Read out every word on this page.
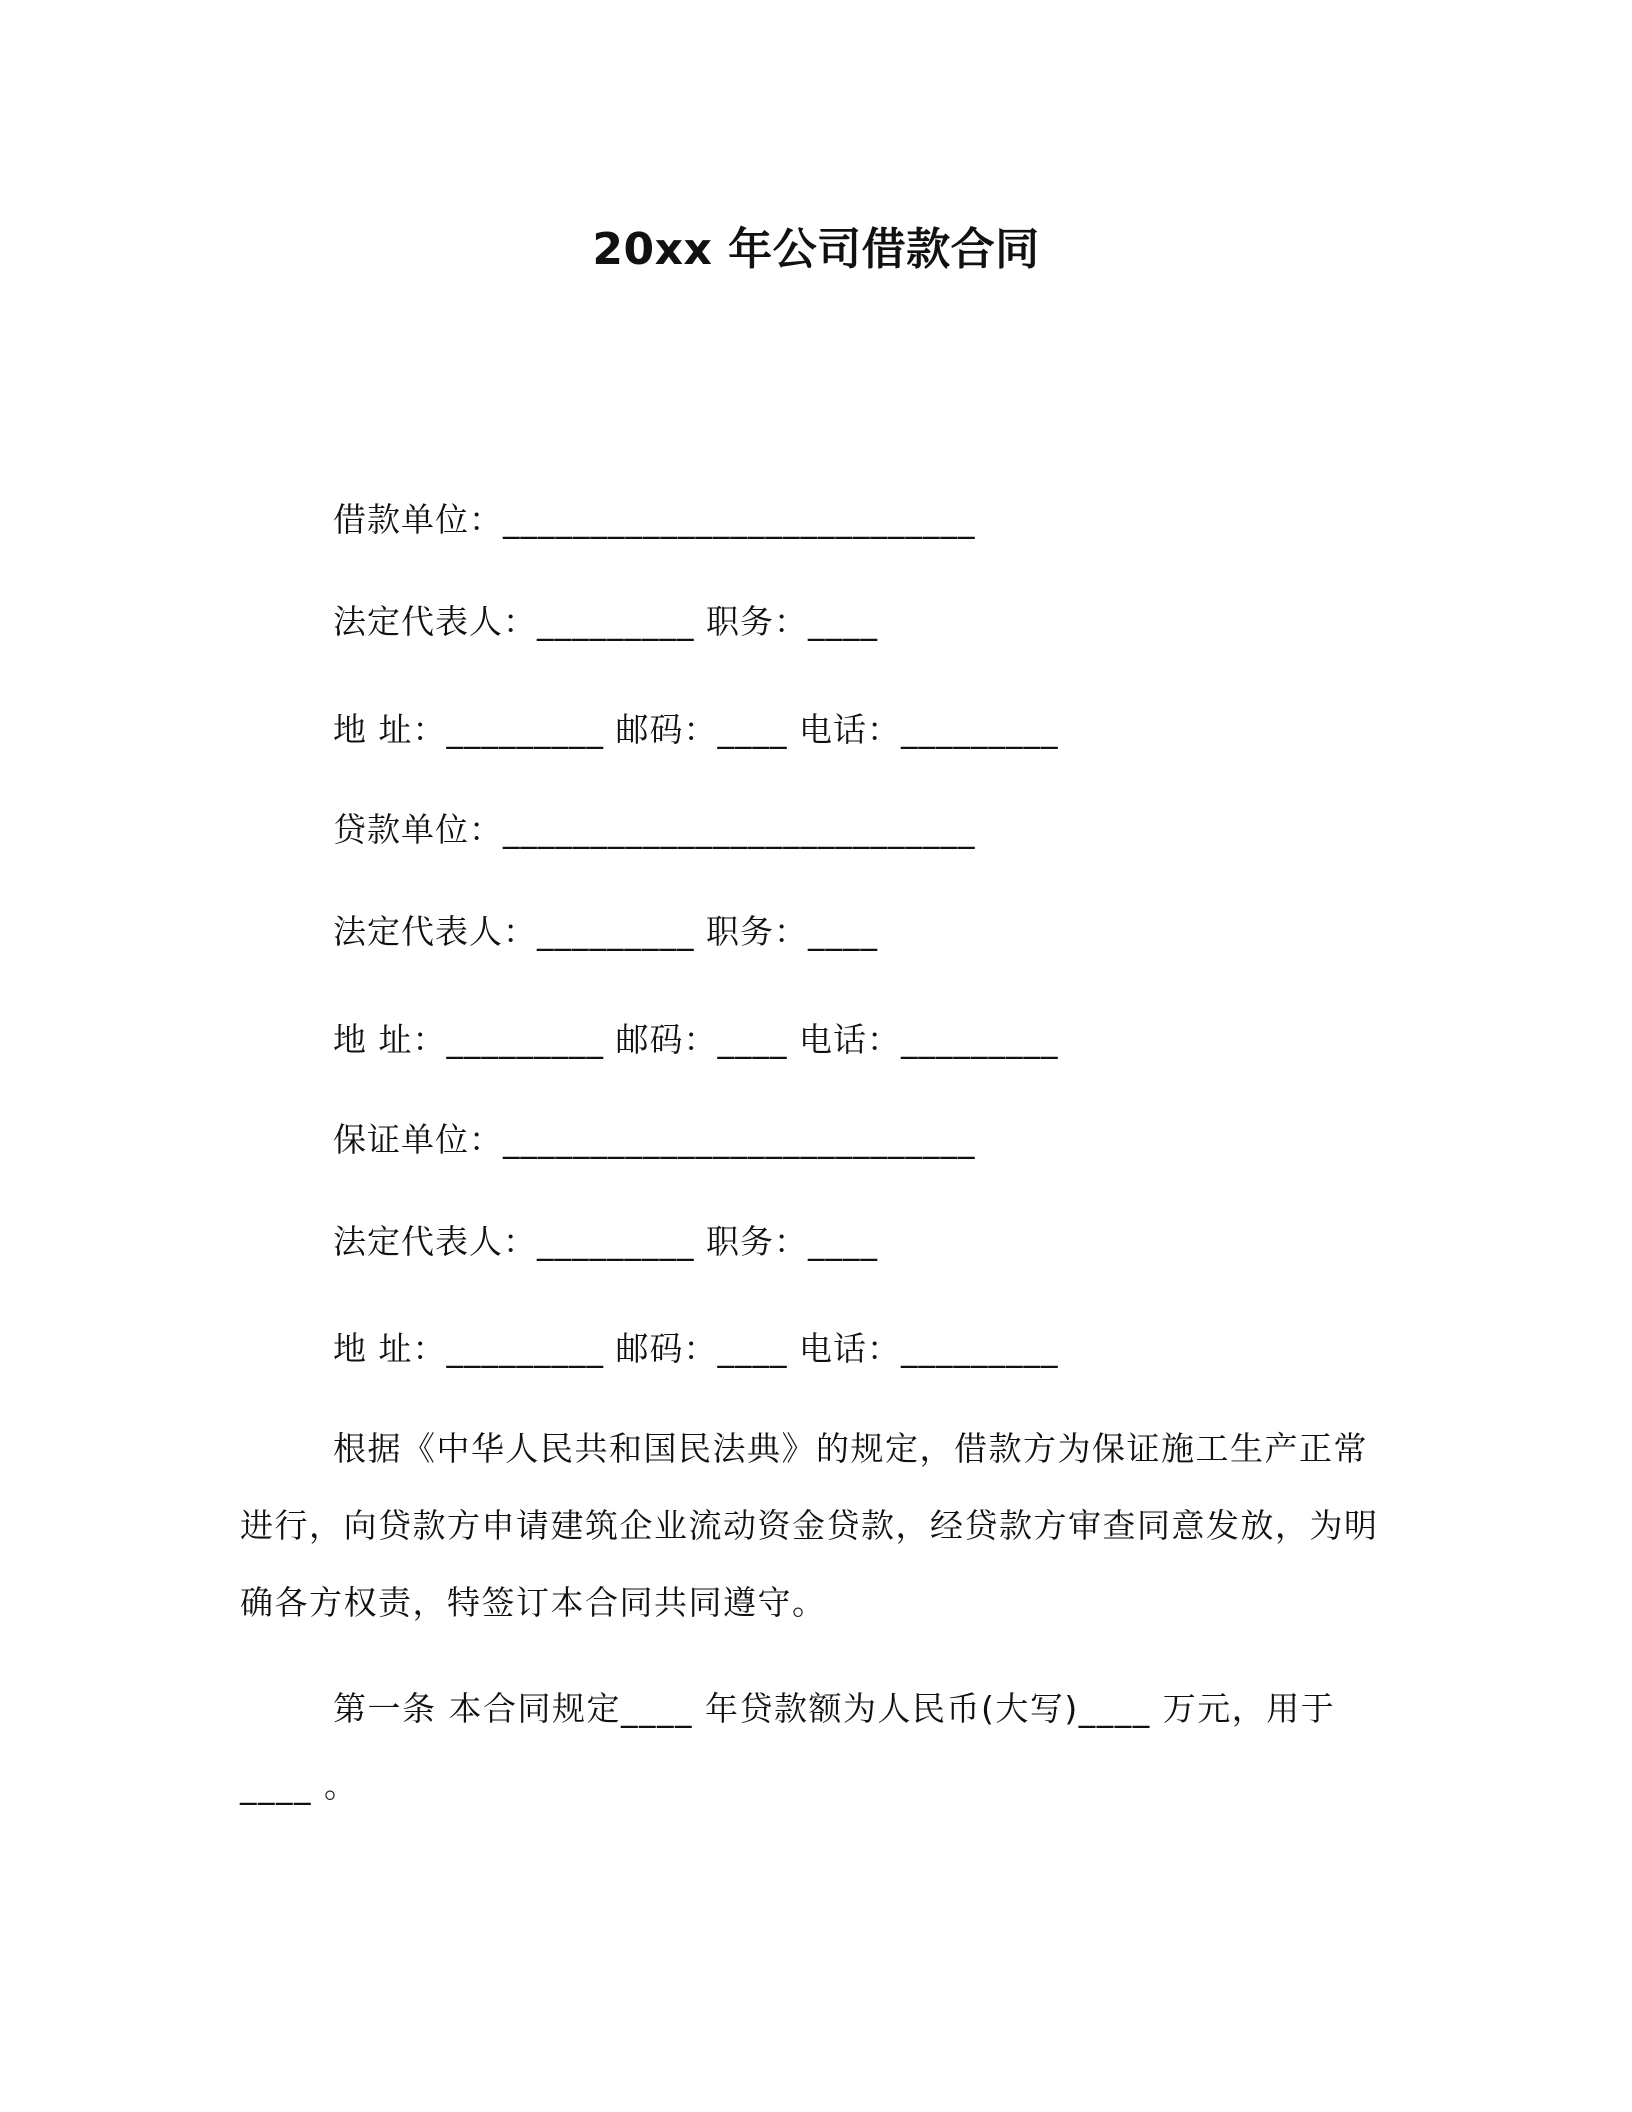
20xx 年公司借款合同
借款单位：___________________________
法定代表人：_________ 职务：____
地 址：_________ 邮码：____ 电话：_________
贷款单位：___________________________
法定代表人：_________ 职务：____
地 址：_________ 邮码：____ 电话：_________
保证单位：___________________________
法定代表人：_________ 职务：____
地 址：_________ 邮码：____ 电话：_________

根据《中华人民共和国民法典》的规定，借款方为保证施工生产正常进行，向贷款方申请建筑企业流动资金贷款，经贷款方审查同意发放，为明确各方权责，特签订本合同共同遵守。

第一条 本合同规定____ 年贷款额为人民币(大写)____ 万元，用于____ 。
